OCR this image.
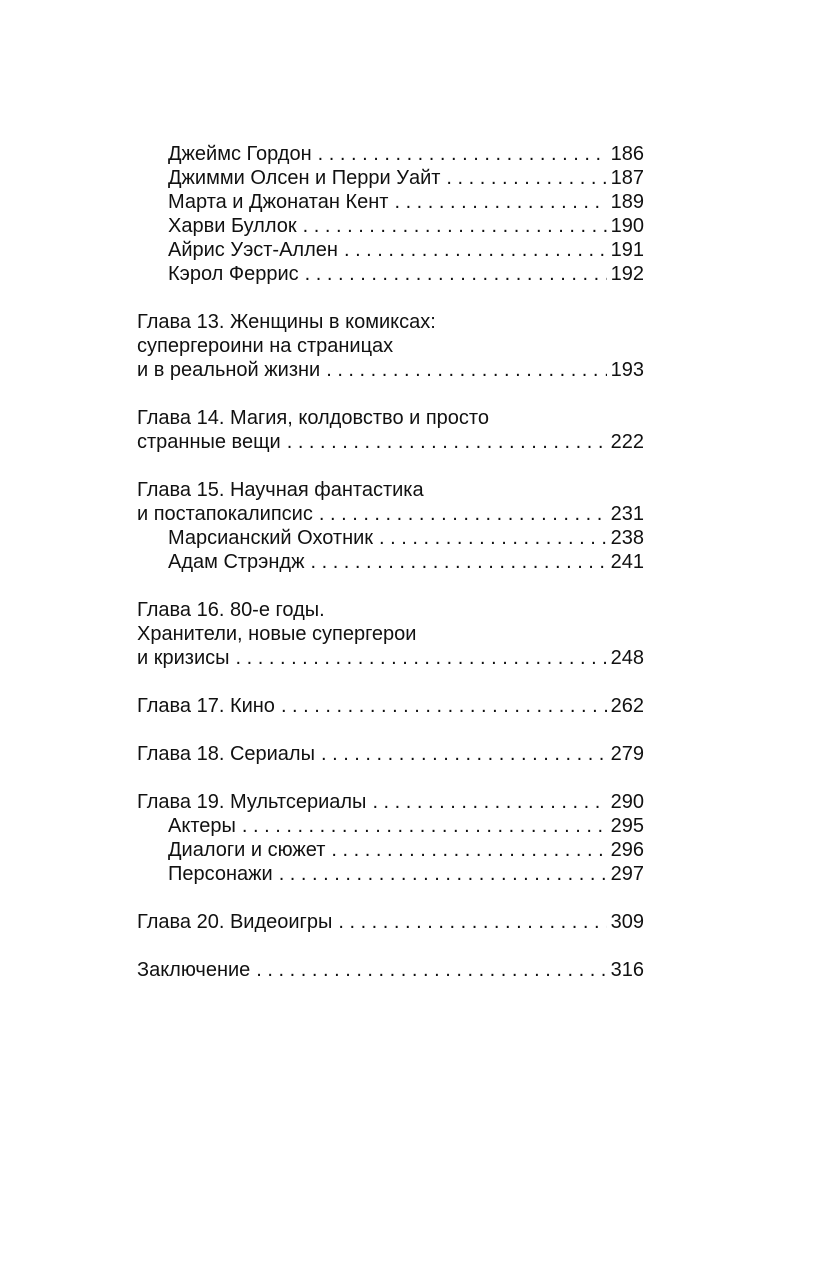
Джеймс Гордон . . .	186
Джимми Олсен и Перри Уайт . . .	187
Марта и Джонатан Кент . . .	189
Харви Буллок . . .	190
Айрис Уэст-Аллен . . .	191
Кэрол Феррис . . .	192
Глава 13. Женщины в комиксах:
супергероини на страницах
и в реальной жизни . . .	193
Глава 14. Магия, колдовство и просто
странные вещи . . .	222
Глава 15. Научная фантастика
и постапокалипсис . . .	231
Марсианский Охотник . . .	238
Адам Стрэндж . . .	241
Глава 16. 80-е годы.
Хранители, новые супергерои
и кризисы . . .	248
Глава 17. Кино . . .	262
Глава 18. Сериалы . . .	279
Глава 19. Мультсериалы . . .	290
Актеры . . .	295
Диалоги и сюжет . . .	296
Персонажи . . .	297
Глава 20. Видеоигры . . .	309
Заключение . . .	316
